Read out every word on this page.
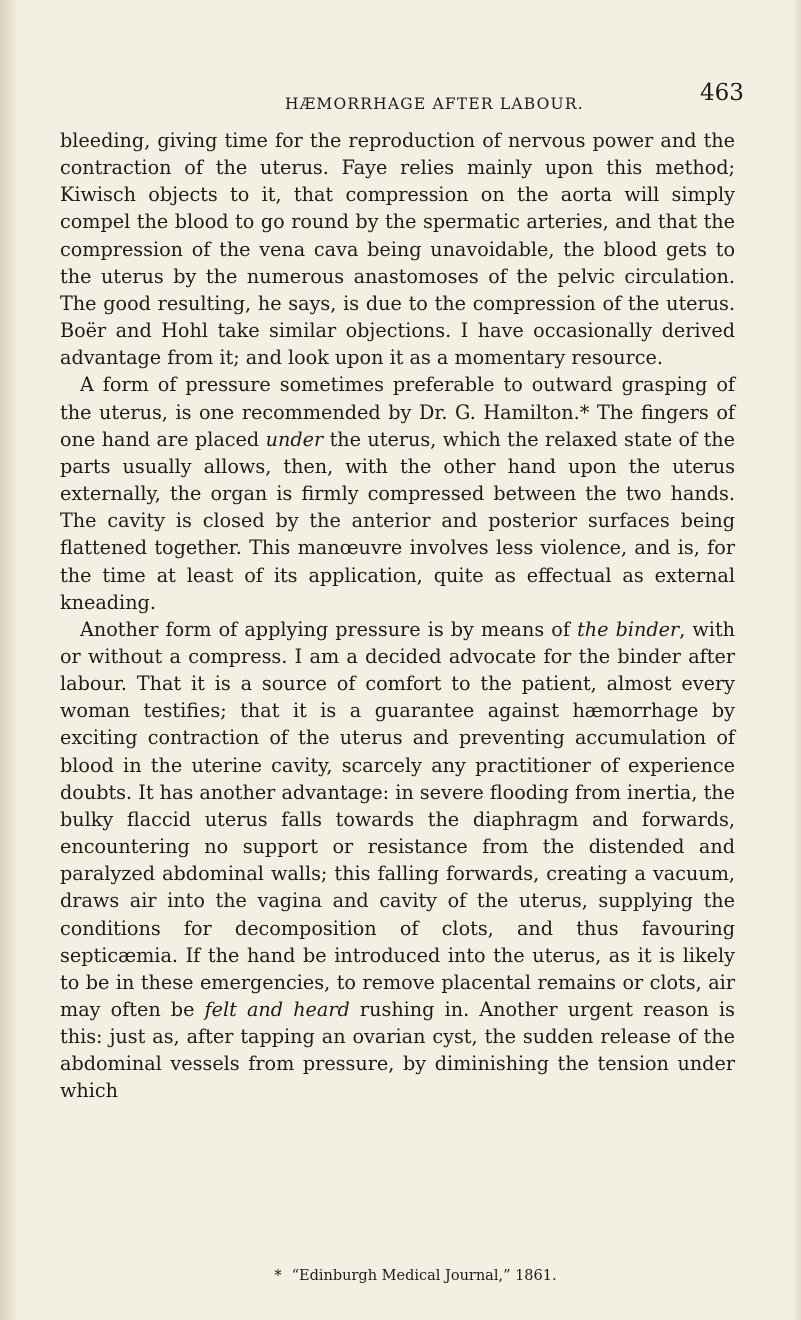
HÆMORRHAGE AFTER LABOUR.	463

bleeding, giving time for the reproduction of nervous power and the contraction of the uterus. Faye relies mainly upon this method; Kiwisch objects to it, that compression on the aorta will simply compel the blood to go round by the spermatic arteries, and that the compression of the vena cava being unavoidable, the blood gets to the uterus by the numerous anastomoses of the pelvic circulation. The good resulting, he says, is due to the compression of the uterus. Boër and Hohl take similar objections. I have occasionally derived advantage from it; and look upon it as a momentary resource.

A form of pressure sometimes preferable to outward grasping of the uterus, is one recommended by Dr. G. Hamilton.* The fingers of one hand are placed under the uterus, which the relaxed state of the parts usually allows, then, with the other hand upon the uterus externally, the organ is firmly compressed between the two hands. The cavity is closed by the anterior and posterior surfaces being flattened together. This manœuvre involves less violence, and is, for the time at least of its application, quite as effectual as external kneading.

Another form of applying pressure is by means of the binder, with or without a compress. I am a decided advocate for the binder after labour. That it is a source of comfort to the patient, almost every woman testifies; that it is a guarantee against hæmorrhage by exciting contraction of the uterus and preventing accumulation of blood in the uterine cavity, scarcely any practitioner of experience doubts. It has another advantage: in severe flooding from inertia, the bulky flaccid uterus falls towards the diaphragm and forwards, encountering no support or resistance from the distended and paralyzed abdominal walls; this falling forwards, creating a vacuum, draws air into the vagina and cavity of the uterus, supplying the conditions for decomposition of clots, and thus favouring septicæmia. If the hand be introduced into the uterus, as it is likely to be in these emergencies, to remove placental remains or clots, air may often be felt and heard rushing in. Another urgent reason is this: just as, after tapping an ovarian cyst, the sudden release of the abdominal vessels from pressure, by diminishing the tension under which

* “Edinburgh Medical Journal,” 1861.
